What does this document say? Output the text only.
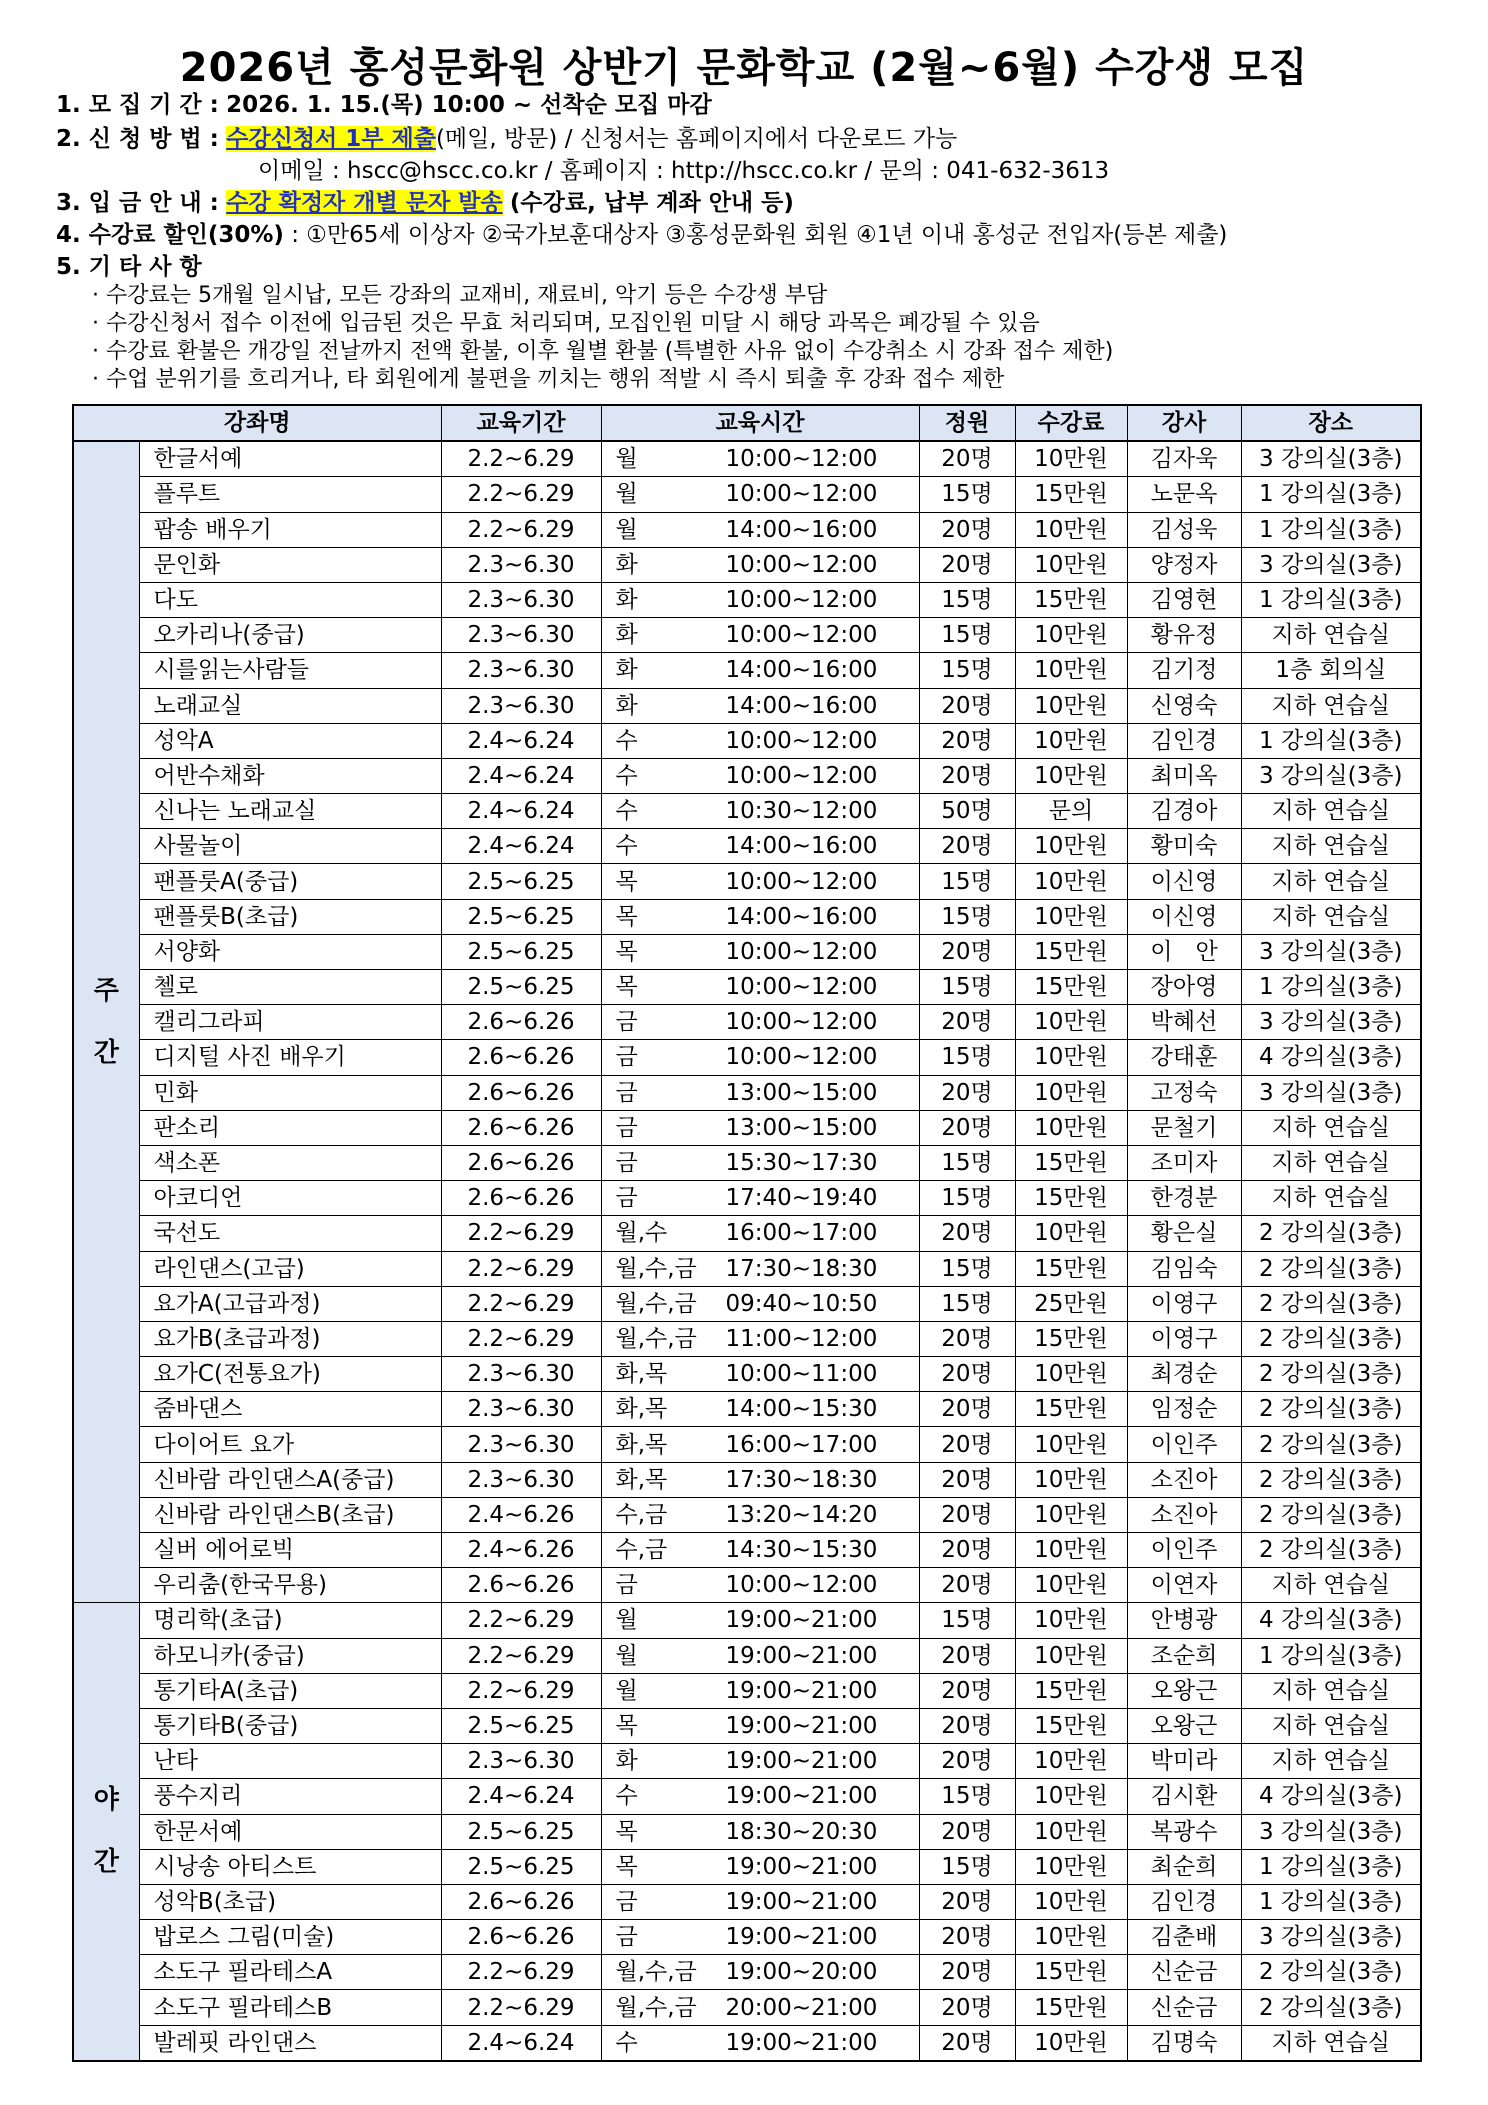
2026년 홍성문화원 상반기 문화학교 (2월~6월) 수강생 모집
1. 모 집 기 간 : 2026. 1. 15.(목) 10:00 ~ 선착순 모집 마감
2. 신 청 방 법 : 수강신청서 1부 제출(메일, 방문) / 신청서는 홈페이지에서 다운로드 가능
이메일 : hscc@hscc.co.kr / 홈페이지 : http://hscc.co.kr / 문의 : 041-632-3613
3. 입 금 안 내 : 수강 확정자 개별 문자 발송 (수강료, 납부 계좌 안내 등)
4. 수강료 할인(30%) : ①만65세 이상자 ②국가보훈대상자 ③홍성문화원 회원 ④1년 이내 홍성군 전입자(등본 제출)
5. 기 타 사 항
· 수강료는 5개월 일시납, 모든 강좌의 교재비, 재료비, 악기 등은 수강생 부담
· 수강신청서 접수 이전에 입금된 것은 무효 처리되며, 모집인원 미달 시 해당 과목은 폐강될 수 있음
· 수강료 환불은 개강일 전날까지 전액 환불, 이후 월별 환불 (특별한 사유 없이 수강취소 시 강좌 접수 제한)
· 수업 분위기를 흐리거나, 타 회원에게 불편을 끼치는 행위 적발 시 즉시 퇴출 후 강좌 접수 제한
강좌명		교육기간	교육시간	정원	수강료	강사	장소
주

간	한글서예	2.2~6.29	월 10:00~12:00	20명	10만원	김자욱	3 강의실(3층)
	플루트	2.2~6.29	월 10:00~12:00	15명	15만원	노문옥	1 강의실(3층)
	팝송 배우기	2.2~6.29	월 14:00~16:00	20명	10만원	김성욱	1 강의실(3층)
	문인화	2.3~6.30	화 10:00~12:00	20명	10만원	양정자	3 강의실(3층)
	다도	2.3~6.30	화 10:00~12:00	15명	15만원	김영현	1 강의실(3층)
	오카리나(중급)	2.3~6.30	화 10:00~12:00	15명	10만원	황유정	지하 연습실
	시를읽는사람들	2.3~6.30	화 14:00~16:00	15명	10만원	김기정	1층 회의실
	노래교실	2.3~6.30	화 14:00~16:00	20명	10만원	신영숙	지하 연습실
	성악A	2.4~6.24	수 10:00~12:00	20명	10만원	김인경	1 강의실(3층)
	어반수채화	2.4~6.24	수 10:00~12:00	20명	10만원	최미옥	3 강의실(3층)
	신나는 노래교실	2.4~6.24	수 10:30~12:00	50명	문의	김경아	지하 연습실
	사물놀이	2.4~6.24	수 14:00~16:00	20명	10만원	황미숙	지하 연습실
	팬플룻A(중급)	2.5~6.25	목 10:00~12:00	15명	10만원	이신영	지하 연습실
	팬플룻B(초급)	2.5~6.25	목 14:00~16:00	15명	10만원	이신영	지하 연습실
	서양화	2.5~6.25	목 10:00~12:00	20명	15만원	이　안	3 강의실(3층)
	첼로	2.5~6.25	목 10:00~12:00	15명	15만원	장아영	1 강의실(3층)
	캘리그라피	2.6~6.26	금 10:00~12:00	20명	10만원	박혜선	3 강의실(3층)
	디지털 사진 배우기	2.6~6.26	금 10:00~12:00	15명	10만원	강태훈	4 강의실(3층)
	민화	2.6~6.26	금 13:00~15:00	20명	10만원	고정숙	3 강의실(3층)
	판소리	2.6~6.26	금 13:00~15:00	20명	10만원	문철기	지하 연습실
	색소폰	2.6~6.26	금 15:30~17:30	15명	15만원	조미자	지하 연습실
	아코디언	2.6~6.26	금 17:40~19:40	15명	15만원	한경분	지하 연습실
	국선도	2.2~6.29	월,수 16:00~17:00	20명	10만원	황은실	2 강의실(3층)
	라인댄스(고급)	2.2~6.29	월,수,금 17:30~18:30	15명	15만원	김임숙	2 강의실(3층)
	요가A(고급과정)	2.2~6.29	월,수,금 09:40~10:50	15명	25만원	이영구	2 강의실(3층)
	요가B(초급과정)	2.2~6.29	월,수,금 11:00~12:00	20명	15만원	이영구	2 강의실(3층)
	요가C(전통요가)	2.3~6.30	화,목 10:00~11:00	20명	10만원	최경순	2 강의실(3층)
	줌바댄스	2.3~6.30	화,목 14:00~15:30	20명	15만원	임정순	2 강의실(3층)
	다이어트 요가	2.3~6.30	화,목 16:00~17:00	20명	10만원	이인주	2 강의실(3층)
	신바람 라인댄스A(중급)	2.3~6.30	화,목 17:30~18:30	20명	10만원	소진아	2 강의실(3층)
	신바람 라인댄스B(초급)	2.4~6.26	수,금 13:20~14:20	20명	10만원	소진아	2 강의실(3층)
	실버 에어로빅	2.4~6.26	수,금 14:30~15:30	20명	10만원	이인주	2 강의실(3층)
	우리춤(한국무용)	2.6~6.26	금 10:00~12:00	20명	10만원	이연자	지하 연습실
야

간	명리학(초급)	2.2~6.29	월 19:00~21:00	15명	10만원	안병광	4 강의실(3층)
	하모니카(중급)	2.2~6.29	월 19:00~21:00	20명	10만원	조순희	1 강의실(3층)
	통기타A(초급)	2.2~6.29	월 19:00~21:00	20명	15만원	오왕근	지하 연습실
	통기타B(중급)	2.5~6.25	목 19:00~21:00	20명	15만원	오왕근	지하 연습실
	난타	2.3~6.30	화 19:00~21:00	20명	10만원	박미라	지하 연습실
	풍수지리	2.4~6.24	수 19:00~21:00	15명	10만원	김시환	4 강의실(3층)
	한문서예	2.5~6.25	목 18:30~20:30	20명	10만원	복광수	3 강의실(3층)
	시낭송 아티스트	2.5~6.25	목 19:00~21:00	15명	10만원	최순희	1 강의실(3층)
	성악B(초급)	2.6~6.26	금 19:00~21:00	20명	10만원	김인경	1 강의실(3층)
	밥로스 그림(미술)	2.6~6.26	금 19:00~21:00	20명	10만원	김춘배	3 강의실(3층)
	소도구 필라테스A	2.2~6.29	월,수,금 19:00~20:00	20명	15만원	신순금	2 강의실(3층)
	소도구 필라테스B	2.2~6.29	월,수,금 20:00~21:00	20명	15만원	신순금	2 강의실(3층)
	발레핏 라인댄스	2.4~6.24	수 19:00~21:00	20명	10만원	김명숙	지하 연습실
